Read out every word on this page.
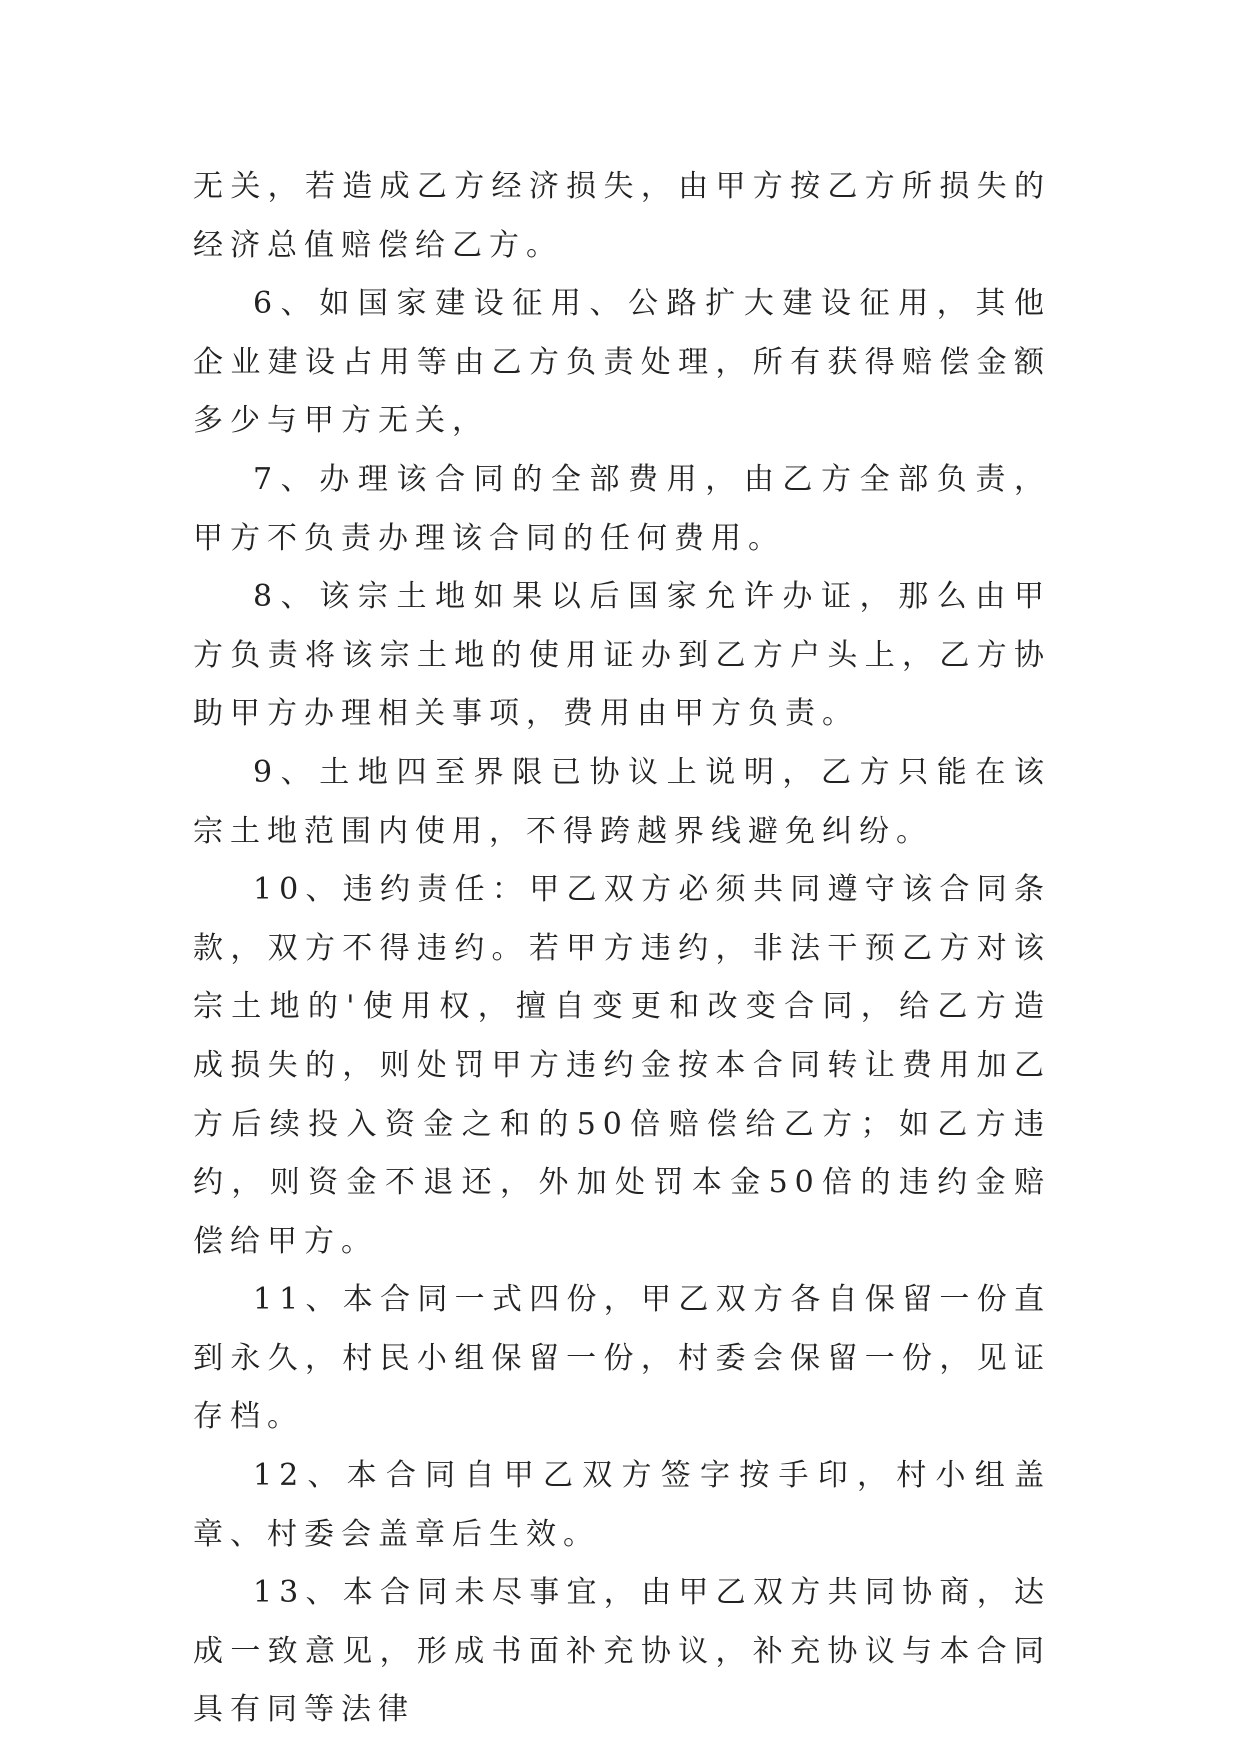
无关，若造成乙方经济损失，由甲方按乙方所损失的经济总值赔偿给乙方。

6、如国家建设征用、公路扩大建设征用，其他企业建设占用等由乙方负责处理，所有获得赔偿金额多少与甲方无关，

7、办理该合同的全部费用，由乙方全部负责，甲方不负责办理该合同的任何费用。

8、该宗土地如果以后国家允许办证，那么由甲方负责将该宗土地的使用证办到乙方户头上，乙方协助甲方办理相关事项，费用由甲方负责。

9、土地四至界限已协议上说明，乙方只能在该宗土地范围内使用，不得跨越界线避免纠纷。

10、违约责任：甲乙双方必须共同遵守该合同条款，双方不得违约。若甲方违约，非法干预乙方对该宗土地的'使用权，擅自变更和改变合同，给乙方造成损失的，则处罚甲方违约金按本合同转让费用加乙方后续投入资金之和的50倍赔偿给乙方；如乙方违约，则资金不退还，外加处罚本金50倍的违约金赔偿给甲方。

11、本合同一式四份，甲乙双方各自保留一份直到永久，村民小组保留一份，村委会保留一份，见证存档。

12、本合同自甲乙双方签字按手印，村小组盖章、村委会盖章后生效。

13、本合同未尽事宜，由甲乙双方共同协商，达成一致意见，形成书面补充协议，补充协议与本合同具有同等法律
